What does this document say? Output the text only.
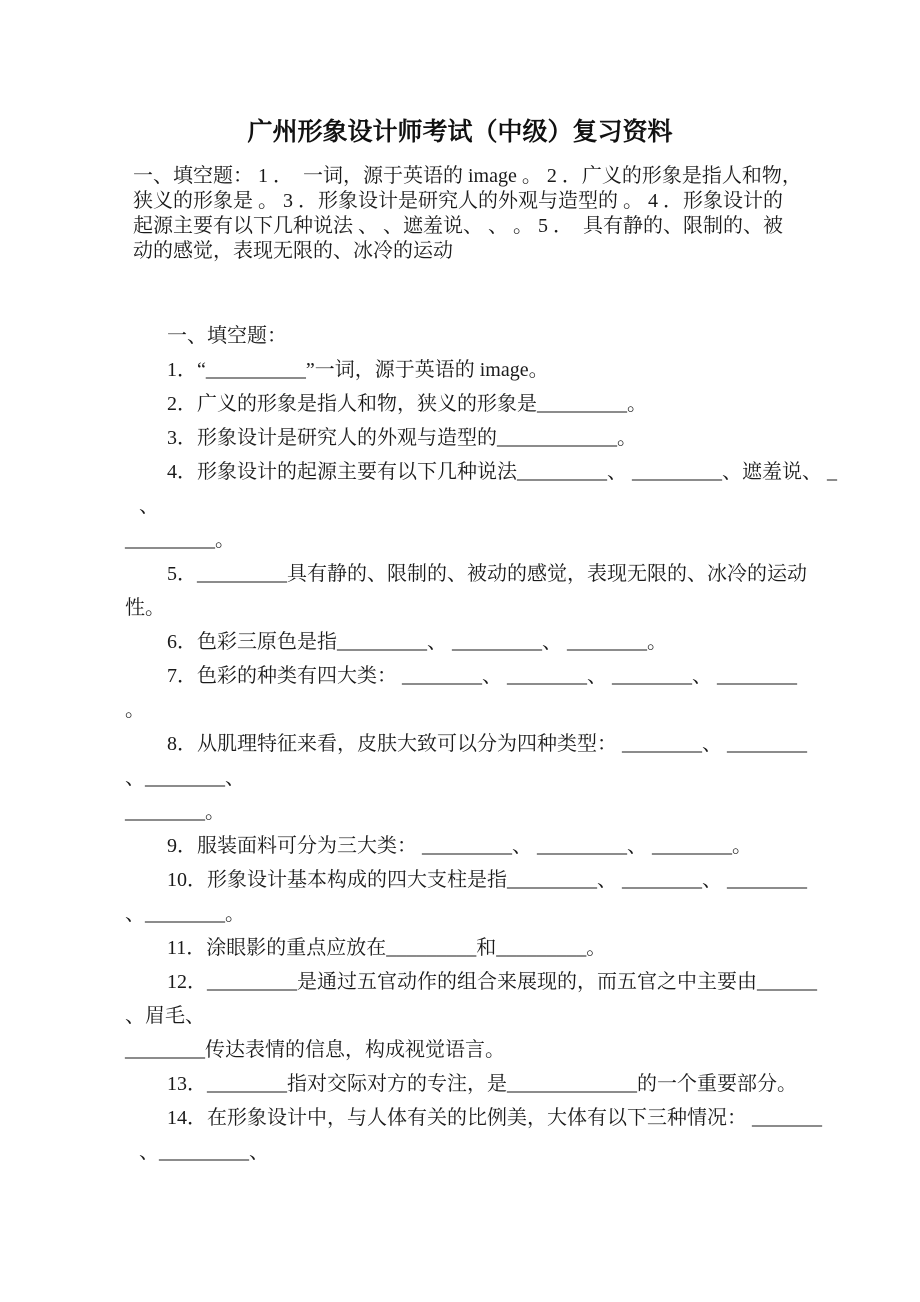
广州形象设计师考试（中级）复习资料
一、填空题： 1 ．  一词，源于英语的 image 。 2 ．广义的形象是指人和物，
狭义的形象是 。 3 ．形象设计是研究人的外观与造型的 。 4 ．形象设计的
起源主要有以下几种说法 、 、遮羞说、 、 。 5 ．  具有静的、限制的、被
动的感觉，表现无限的、冰冷的运动
一、填空题：
1．“__________”一词，源于英语的 image。
2．广义的形象是指人和物，狭义的形象是_________。
3．形象设计是研究人的外观与造型的____________。
4．形象设计的起源主要有以下几种说法_________、 _________、遮羞说、 _
、
_________。
5．_________具有静的、限制的、被动的感觉，表现无限的、冰冷的运动
性。
6．色彩三原色是指_________、 _________、 ________。
7．色彩的种类有四大类： ________、 ________、 ________、 ________
。
8．从肌理特征来看，皮肤大致可以分为四种类型： ________、 ________
、________、
________。
9．服装面料可分为三大类： _________、 _________、 ________。
10．形象设计基本构成的四大支柱是指_________、 ________、 ________
、________。
11．涂眼影的重点应放在_________和_________。
12．_________是通过五官动作的组合来展现的，而五官之中主要由______
、眉毛、
________传达表情的信息，构成视觉语言。
13．________指对交际对方的专注，是_____________的一个重要部分。
14．在形象设计中，与人体有关的比例美，大体有以下三种情况： _______
、_________、
